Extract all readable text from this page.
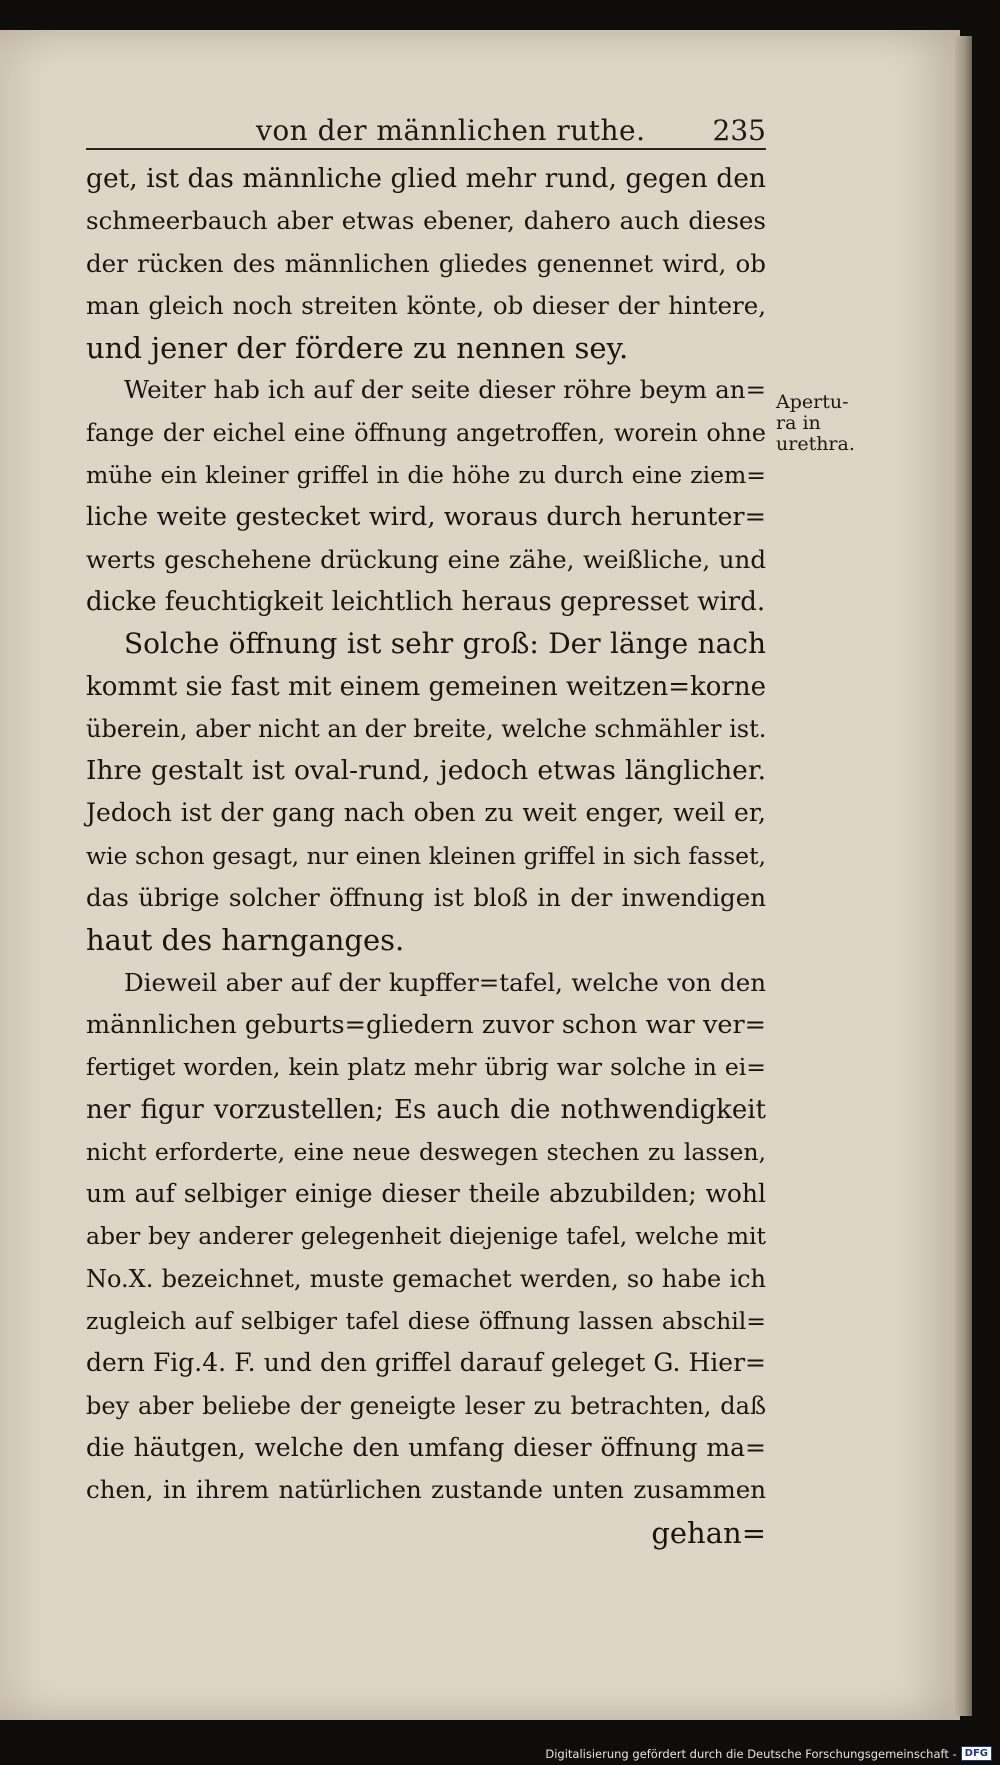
von der männlichen ruthe. 235
get, ist das männliche glied mehr rund, gegen den
schmeerbauch aber etwas ebener, dahero auch dieses
der rücken des männlichen gliedes genennet wird, ob
man gleich noch streiten könte, ob dieser der hintere,
und jener der fördere zu nennen sey.
Weiter hab ich auf der seite dieser röhre beym an=
fange der eichel eine öffnung angetroffen, worein ohne
mühe ein kleiner griffel in die höhe zu durch eine ziem=
liche weite gestecket wird, woraus durch herunter=
werts geschehene drückung eine zähe, weißliche, und
dicke feuchtigkeit leichtlich heraus gepresset wird.
Solche öffnung ist sehr groß: Der länge nach
kommt sie fast mit einem gemeinen weitzen=korne
überein, aber nicht an der breite, welche schmähler ist.
Ihre gestalt ist oval-rund, jedoch etwas länglicher.
Jedoch ist der gang nach oben zu weit enger, weil er,
wie schon gesagt, nur einen kleinen griffel in sich fasset,
das übrige solcher öffnung ist bloß in der inwendigen
haut des harnganges.
Dieweil aber auf der kupffer=tafel, welche von den
männlichen geburts=gliedern zuvor schon war ver=
fertiget worden, kein platz mehr übrig war solche in ei=
ner figur vorzustellen; Es auch die nothwendigkeit
nicht erforderte, eine neue deswegen stechen zu lassen,
um auf selbiger einige dieser theile abzubilden; wohl
aber bey anderer gelegenheit diejenige tafel, welche mit
No.X. bezeichnet, muste gemachet werden, so habe ich
zugleich auf selbiger tafel diese öffnung lassen abschil=
dern Fig.4. F. und den griffel darauf geleget G. Hier=
bey aber beliebe der geneigte leser zu betrachten, daß
die häutgen, welche den umfang dieser öffnung ma=
chen, in ihrem natürlichen zustande unten zusammen
gehan=
Apertu-
ra in
urethra.
Digitalisierung gefördert durch die Deutsche Forschungsgemeinschaft - DFG
